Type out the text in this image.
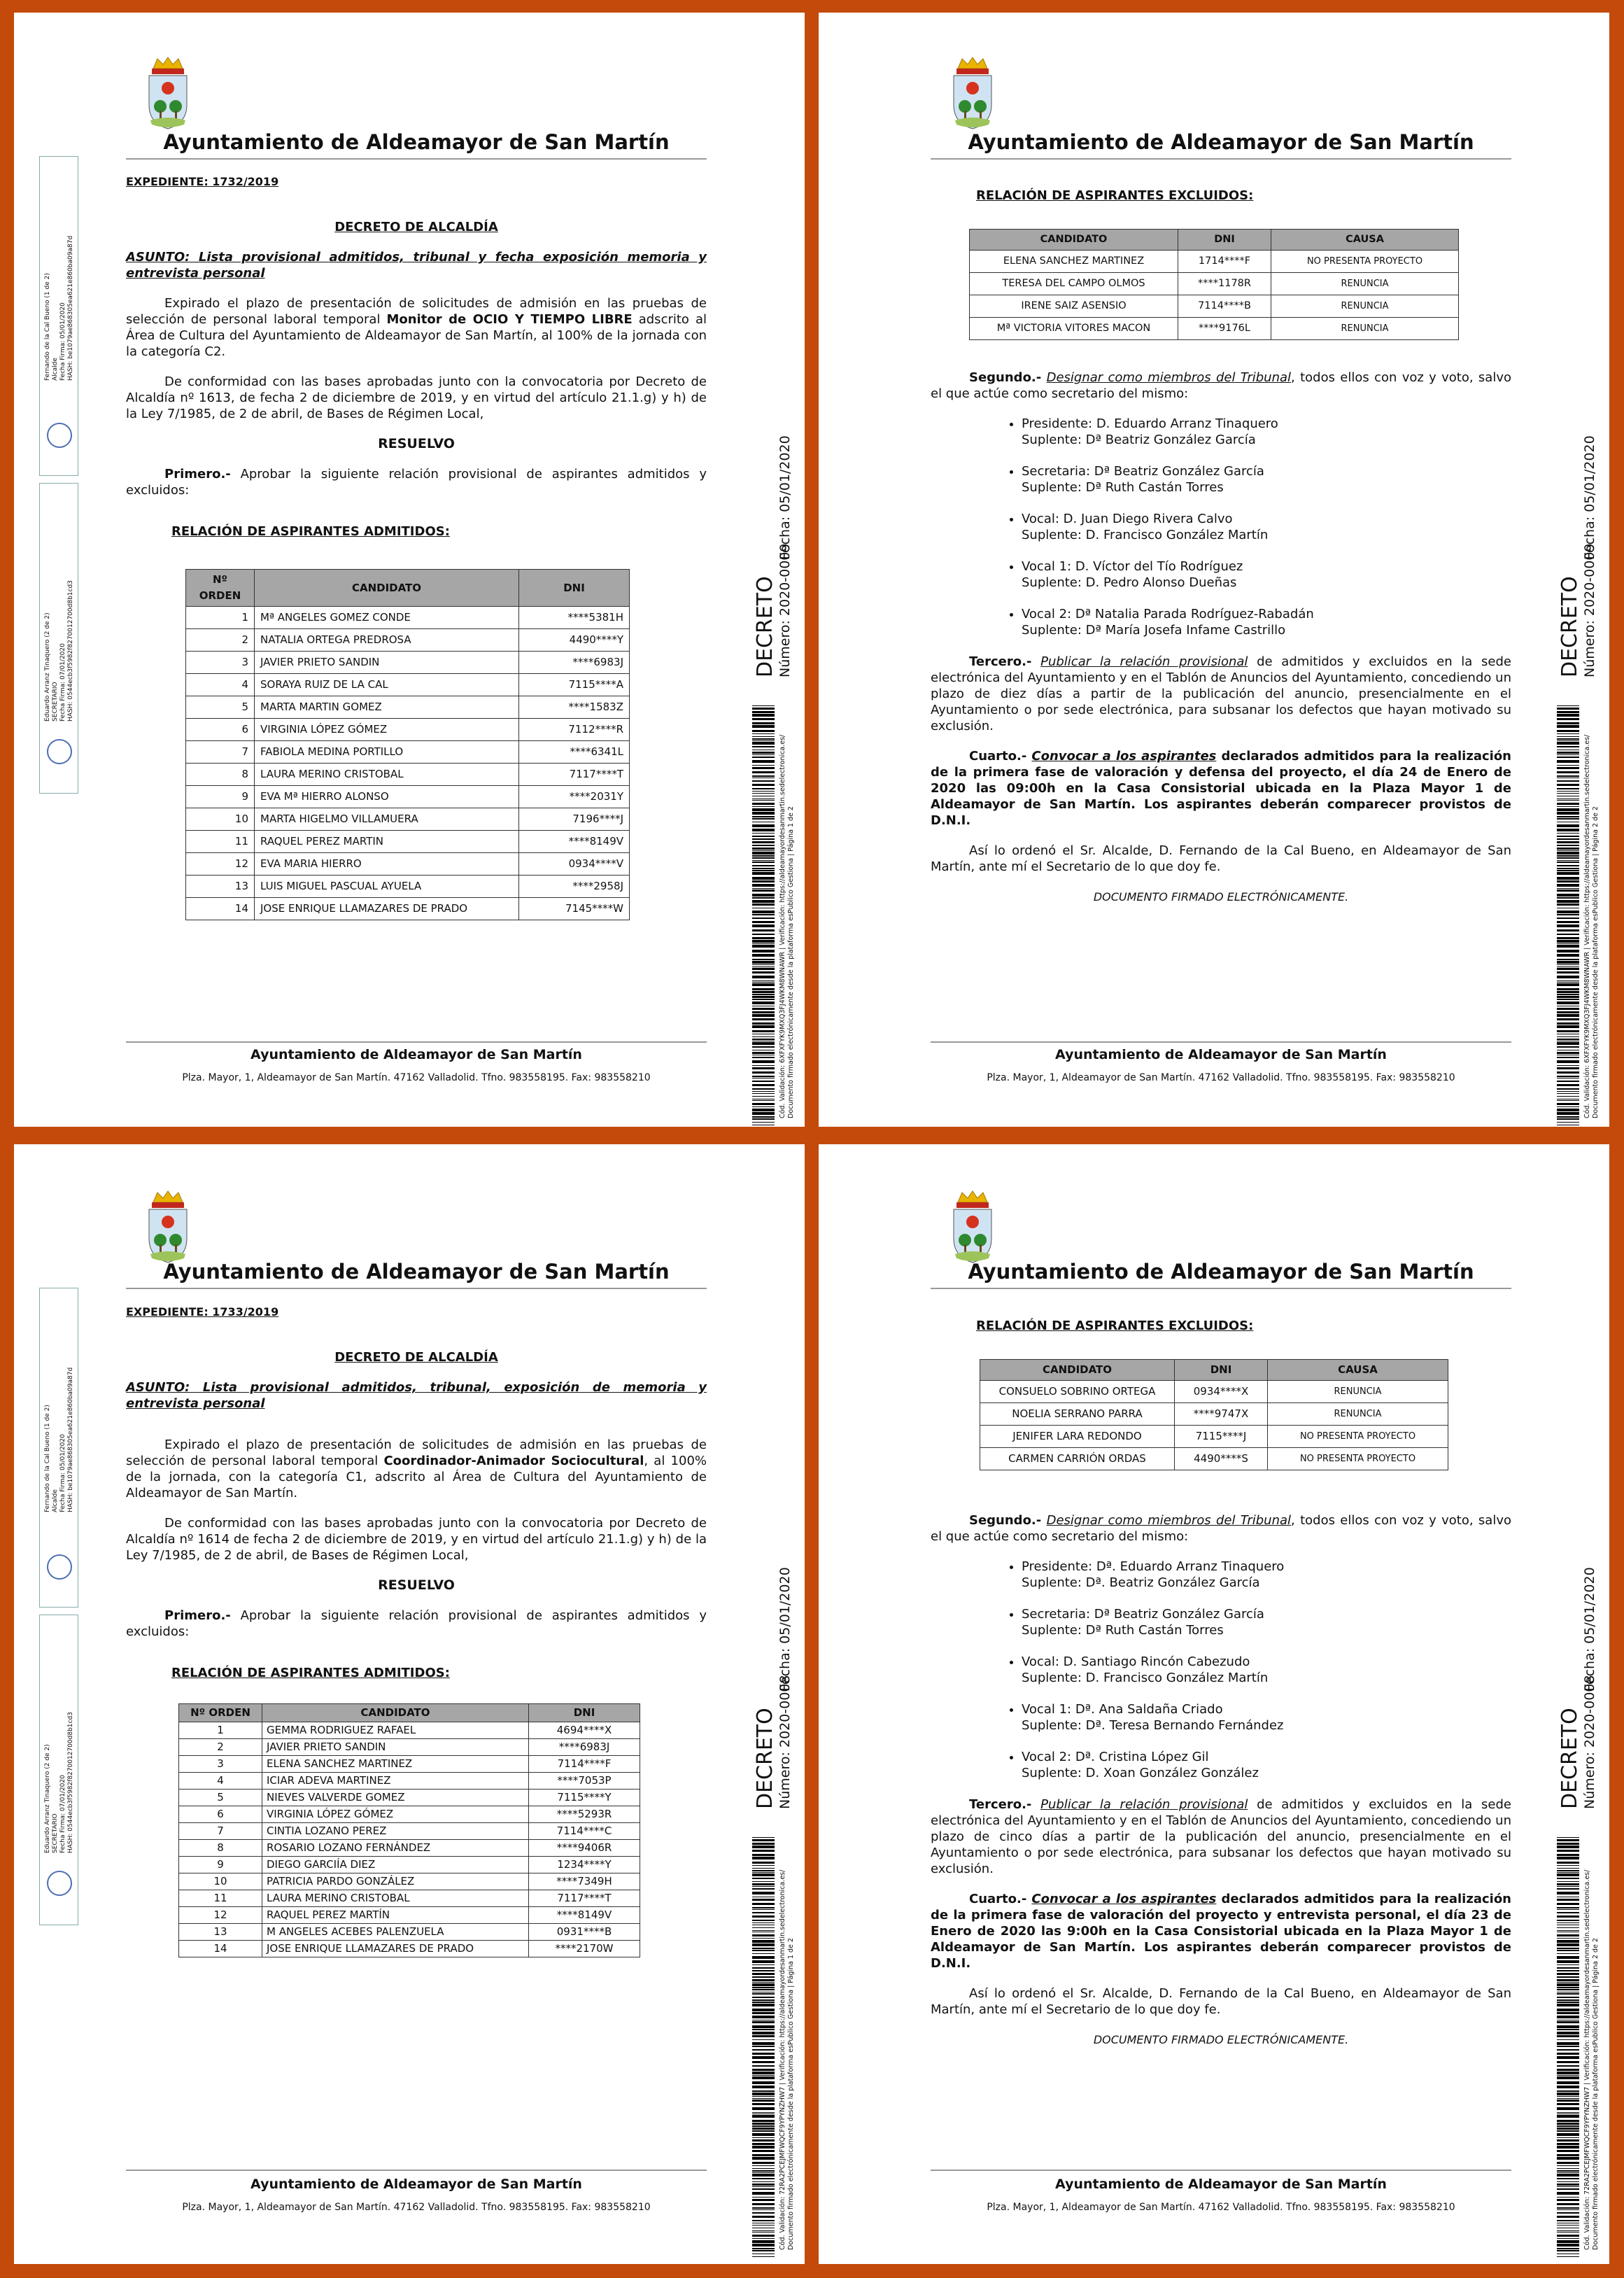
Ayuntamiento de Aldeamayor de San Martín

EXPEDIENTE: 1732/2019

DECRETO DE ALCALDÍA

ASUNTO: Lista provisional admitidos, tribunal y fecha exposición memoria y entrevista personal

Expirado el plazo de presentación de solicitudes de admisión en las pruebas de selección de personal laboral temporal Monitor de OCIO Y TIEMPO LIBRE adscrito al Área de Cultura del Ayuntamiento de Aldeamayor de San Martín, al 100% de la jornada con la categoría C2.

De conformidad con las bases aprobadas junto con la convocatoria por Decreto de Alcaldía nº 1613, de fecha 2 de diciembre de 2019, y en virtud del artículo 21.1.g) y h) de la Ley 7/1985, de 2 de abril, de Bases de Régimen Local,

RESUELVO

Primero.- Aprobar la siguiente relación provisional de aspirantes admitidos y excluidos:

RELACIÓN DE ASPIRANTES ADMITIDOS:

Nº ORDEN	CANDIDATO	DNI
1	Mª ANGELES GOMEZ CONDE	****5381H
2	NATALIA ORTEGA PREDROSA	4490****Y
3	JAVIER PRIETO SANDIN	****6983J
4	SORAYA RUIZ DE LA CAL	7115****A
5	MARTA MARTIN GOMEZ	****1583Z
6	VIRGINIA LÓPEZ GÓMEZ	7112****R
7	FABIOLA MEDINA PORTILLO	****6341L
8	LAURA MERINO CRISTOBAL	7117****T
9	EVA Mª HIERRO ALONSO	****2031Y
10	MARTA HIGELMO VILLAMUERA	7196****J
11	RAQUEL PEREZ MARTIN	****8149V
12	EVA MARIA HIERRO	0934****V
13	LUIS MIGUEL PASCUAL AYUELA	****2958J
14	JOSE ENRIQUE LLAMAZARES DE PRADO	7145****W
Ayuntamiento de Aldeamayor de San Martín
Plza. Mayor, 1, Aldeamayor de San Martín. 47162 Valladolid. Tfno. 983558195. Fax: 983558210
Fernando de la Cal Bueno (1 de 2) Alcalde Fecha Firma: 05/01/2020 HASH: be1079ae868305ea621e860ba09a87d
Eduardo Arranz Tinaquero (2 de 2) SECRETARIO Fecha Firma: 07/01/2020 HASH: 0544ecb3f5982f8270012700d8b1cd3	DECRETO Número: 2020-0009
Fecha: 05/01/2020
Cód. Validación: 6XFXFYK9MXQ3FJ4WKM8WNAWR | Verificación: https://aldeamayordesanmartin.sedelectronica.es/ Documento firmado electrónicamente desde la plataforma esPublico Gestiona | Página 1 de 2
Ayuntamiento de Aldeamayor de San Martín

RELACIÓN DE ASPIRANTES EXCLUIDOS:

CANDIDATO	DNI	CAUSA
ELENA SANCHEZ MARTINEZ	1714****F	NO PRESENTA PROYECTO
TERESA DEL CAMPO OLMOS	****1178R	RENUNCIA
IRENE SAIZ ASENSIO	7114****B	RENUNCIA
Mª VICTORIA VITORES MACON	****9176L	RENUNCIA

Segundo.- Designar como miembros del Tribunal, todos ellos con voz y voto, salvo el que actúe como secretario del mismo:

• Presidente: D. Eduardo Arranz Tinaquero
Suplente: Dª Beatriz González García
• Secretaria: Dª Beatriz González García
Suplente: Dª Ruth Castán Torres
• Vocal: D. Juan Diego Rivera Calvo
Suplente: D. Francisco González Martín
• Vocal 1: D. Víctor del Tío Rodríguez
Suplente: D. Pedro Alonso Dueñas
• Vocal 2: Dª Natalia Parada Rodríguez-Rabadán
Suplente: Dª María Josefa Infame Castrillo

Tercero.- Publicar la relación provisional de admitidos y excluidos en la sede electrónica del Ayuntamiento y en el Tablón de Anuncios del Ayuntamiento, concediendo un plazo de diez días a partir de la publicación del anuncio, presencialmente en el Ayuntamiento o por sede electrónica, para subsanar los defectos que hayan motivado su exclusión.

Cuarto.- Convocar a los aspirantes declarados admitidos para la realización de la primera fase de valoración y defensa del proyecto, el día 24 de Enero de 2020 las 09:00h en la Casa Consistorial ubicada en la Plaza Mayor 1 de Aldeamayor de San Martín. Los aspirantes deberán comparecer provistos de D.N.I.

Así lo ordenó el Sr. Alcalde, D. Fernando de la Cal Bueno, en Aldeamayor de San Martín, ante mí el Secretario de lo que doy fe.

DOCUMENTO FIRMADO ELECTRÓNICAMENTE.

Ayuntamiento de Aldeamayor de San Martín
Plza. Mayor, 1, Aldeamayor de San Martín. 47162 Valladolid. Tfno. 983558195. Fax: 983558210
DECRETO Número: 2020-0009
Fecha: 05/01/2020
Cód. Validación: 6XFXFYK9MXQ3FJ4WKM8WNAWR | Verificación: https://aldeamayordesanmartin.sedelectronica.es/ Documento firmado electrónicamente desde la plataforma esPublico Gestiona | Página 2 de 2
Ayuntamiento de Aldeamayor de San Martín

EXPEDIENTE: 1733/2019

DECRETO DE ALCALDÍA

ASUNTO: Lista provisional admitidos, tribunal, exposición de memoria y entrevista personal

Expirado el plazo de presentación de solicitudes de admisión en las pruebas de selección de personal laboral temporal Coordinador-Animador Sociocultural, al 100% de la jornada, con la categoría C1, adscrito al Área de Cultura del Ayuntamiento de Aldeamayor de San Martín.

De conformidad con las bases aprobadas junto con la convocatoria por Decreto de Alcaldía nº 1614 de fecha 2 de diciembre de 2019, y en virtud del artículo 21.1.g) y h) de la Ley 7/1985, de 2 de abril, de Bases de Régimen Local,

RESUELVO

Primero.- Aprobar la siguiente relación provisional de aspirantes admitidos y excluidos:

RELACIÓN DE ASPIRANTES ADMITIDOS:

Nº ORDEN	CANDIDATO	DNI
1	GEMMA RODRIGUEZ RAFAEL	4694****X
2	JAVIER PRIETO SANDIN	****6983J
3	ELENA SANCHEZ MARTINEZ	7114****F
4	ICIAR ADEVA MARTINEZ	****7053P
5	NIEVES VALVERDE GOMEZ	7115****Y
6	VIRGINIA LÓPEZ GÓMEZ	****5293R
7	CINTIA LOZANO PEREZ	7114****C
8	ROSARIO LOZANO FERNÁNDEZ	****9406R
9	DIEGO GARCIÍA DIEZ	1234****Y
10	PATRICIA PARDO GONZÁLEZ	****7349H
11	LAURA MERINO CRISTOBAL	7117****T
12	RAQUEL PEREZ MARTÍN	****8149V
13	M ANGELES ACEBES PALENZUELA	0931****B
14	JOSE ENRIQUE LLAMAZARES DE PRADO	****2170W
Ayuntamiento de Aldeamayor de San Martín
Plza. Mayor, 1, Aldeamayor de San Martín. 47162 Valladolid. Tfno. 983558195. Fax: 983558210
Fernando de la Cal Bueno (1 de 2) Alcalde Fecha Firma: 05/01/2020 HASH: be1079ae868305ea621e860ba09a87d
Eduardo Arranz Tinaquero (2 de 2) SECRETARIO Fecha Firma: 07/01/2020 HASH: 0544ecb3f5982f8270012700d8b1cd3	DECRETO Número: 2020-0008
Fecha: 05/01/2020
Cód. Validación: 72RA2PCEJMFWQCF9YPYNZHW7 | Verificación: https://aldeamayordesanmartin.sedelectronica.es/ Documento firmado electrónicamente desde la plataforma esPublico Gestiona | Página 1 de 2
Ayuntamiento de Aldeamayor de San Martín

RELACIÓN DE ASPIRANTES EXCLUIDOS:

CANDIDATO	DNI	CAUSA
CONSUELO SOBRINO ORTEGA	0934****X	RENUNCIA
NOELIA SERRANO PARRA	****9747X	RENUNCIA
JENIFER LARA REDONDO	7115****J	NO PRESENTA PROYECTO
CARMEN CARRIÓN ORDAS	4490****S	NO PRESENTA PROYECTO

Segundo.- Designar como miembros del Tribunal, todos ellos con voz y voto, salvo el que actúe como secretario del mismo:

• Presidente: Dª. Eduardo Arranz Tinaquero
Suplente: Dª. Beatriz González García
• Secretaria: Dª Beatriz González García
Suplente: Dª Ruth Castán Torres
• Vocal: D. Santiago Rincón Cabezudo
Suplente: D. Francisco González Martín
• Vocal 1: Dª. Ana Saldaña Criado
Suplente: Dª. Teresa Bernando Fernández
• Vocal 2: Dª. Cristina López Gil
Suplente: D. Xoan González González

Tercero.- Publicar la relación provisional de admitidos y excluidos en la sede electrónica del Ayuntamiento y en el Tablón de Anuncios del Ayuntamiento, concediendo un plazo de cinco días a partir de la publicación del anuncio, presencialmente en el Ayuntamiento o por sede electrónica, para subsanar los defectos que hayan motivado su exclusión.

Cuarto.- Convocar a los aspirantes declarados admitidos para la realización de la primera fase de valoración del proyecto y entrevista personal, el día 23 de Enero de 2020 las 9:00h en la Casa Consistorial ubicada en la Plaza Mayor 1 de Aldeamayor de San Martín. Los aspirantes deberán comparecer provistos de D.N.I.

Así lo ordenó el Sr. Alcalde, D. Fernando de la Cal Bueno, en Aldeamayor de San Martín, ante mí el Secretario de lo que doy fe.

DOCUMENTO FIRMADO ELECTRÓNICAMENTE.

Ayuntamiento de Aldeamayor de San Martín
Plza. Mayor, 1, Aldeamayor de San Martín. 47162 Valladolid. Tfno. 983558195. Fax: 983558210
DECRETO Número: 2020-0008
Fecha: 05/01/2020
Cód. Validación: 72RA2PCEJMFWQCF9YPYNZHW7 | Verificación: https://aldeamayordesanmartin.sedelectronica.es/ Documento firmado electrónicamente desde la plataforma esPublico Gestiona | Página 2 de 2
